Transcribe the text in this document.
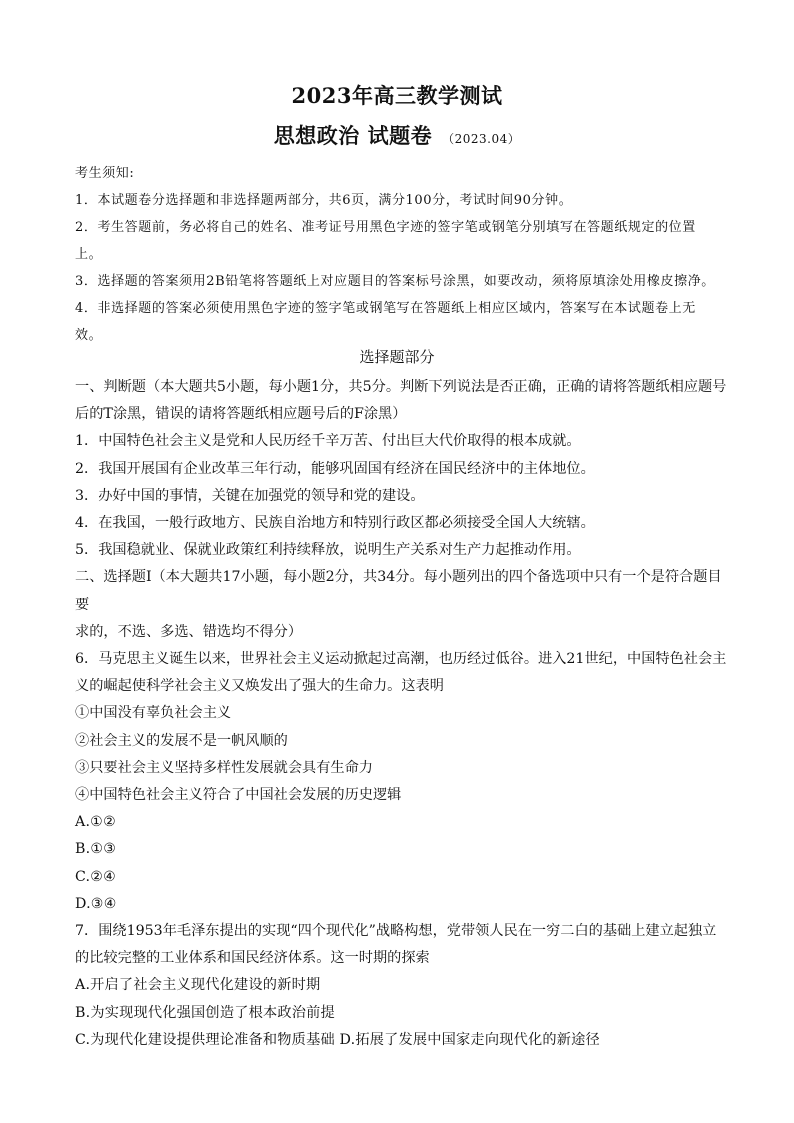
2023年高三教学测试
思想政治 试题卷 （2023.04）

考生须知:

1．本试题卷分选择题和非选择题两部分，共6页，满分100分，考试时间90分钟。

2．考生答题前，务必将自己的姓名、准考证号用黑色字迹的签字笔或钢笔分别填写在答题纸规定的位置

上。

3．选择题的答案须用2B铅笔将答题纸上对应题目的答案标号涂黑，如要改动，须将原填涂处用橡皮擦净。

4．非选择题的答案必须使用黑色字迹的签字笔或钢笔写在答题纸上相应区域内，答案写在本试题卷上无

效。

选择题部分

一、判断题（本大题共5小题，每小题1分，共5分。判断下列说法是否正确，正确的请将答题纸相应题号

后的T涂黑，错误的请将答题纸相应题号后的F涂黑）

1．中国特色社会主义是党和人民历经千辛万苦、付出巨大代价取得的根本成就。

2．我国开展国有企业改革三年行动，能够巩固国有经济在国民经济中的主体地位。

3．办好中国的事情，关键在加强党的领导和党的建设。

4．在我国，一般行政地方、民族自治地方和特别行政区都必须接受全国人大统辖。

5．我国稳就业、保就业政策红利持续释放，说明生产关系对生产力起推动作用。

二、选择题Ⅰ（本大题共17小题，每小题2分，共34分。每小题列出的四个备选项中只有一个是符合题目要

求的，不选、多选、错选均不得分）

6．马克思主义诞生以来，世界社会主义运动掀起过高潮，也历经过低谷。进入21世纪，中国特色社会主

义的崛起使科学社会主义又焕发出了强大的生命力。这表明

①中国没有辜负社会主义

②社会主义的发展不是一帆风顺的

③只要社会主义坚持多样性发展就会具有生命力

④中国特色社会主义符合了中国社会发展的历史逻辑

A.①②

B.①③

C.②④

D.③④

7．围绕1953年毛泽东提出的实现“四个现代化”战略构想，党带领人民在一穷二白的基础上建立起独立

的比较完整的工业体系和国民经济体系。这一时期的探索

A.开启了社会主义现代化建设的新时期

B.为实现现代化强国创造了根本政治前提

C.为现代化建设提供理论准备和物质基础 D.拓展了发展中国家走向现代化的新途径
